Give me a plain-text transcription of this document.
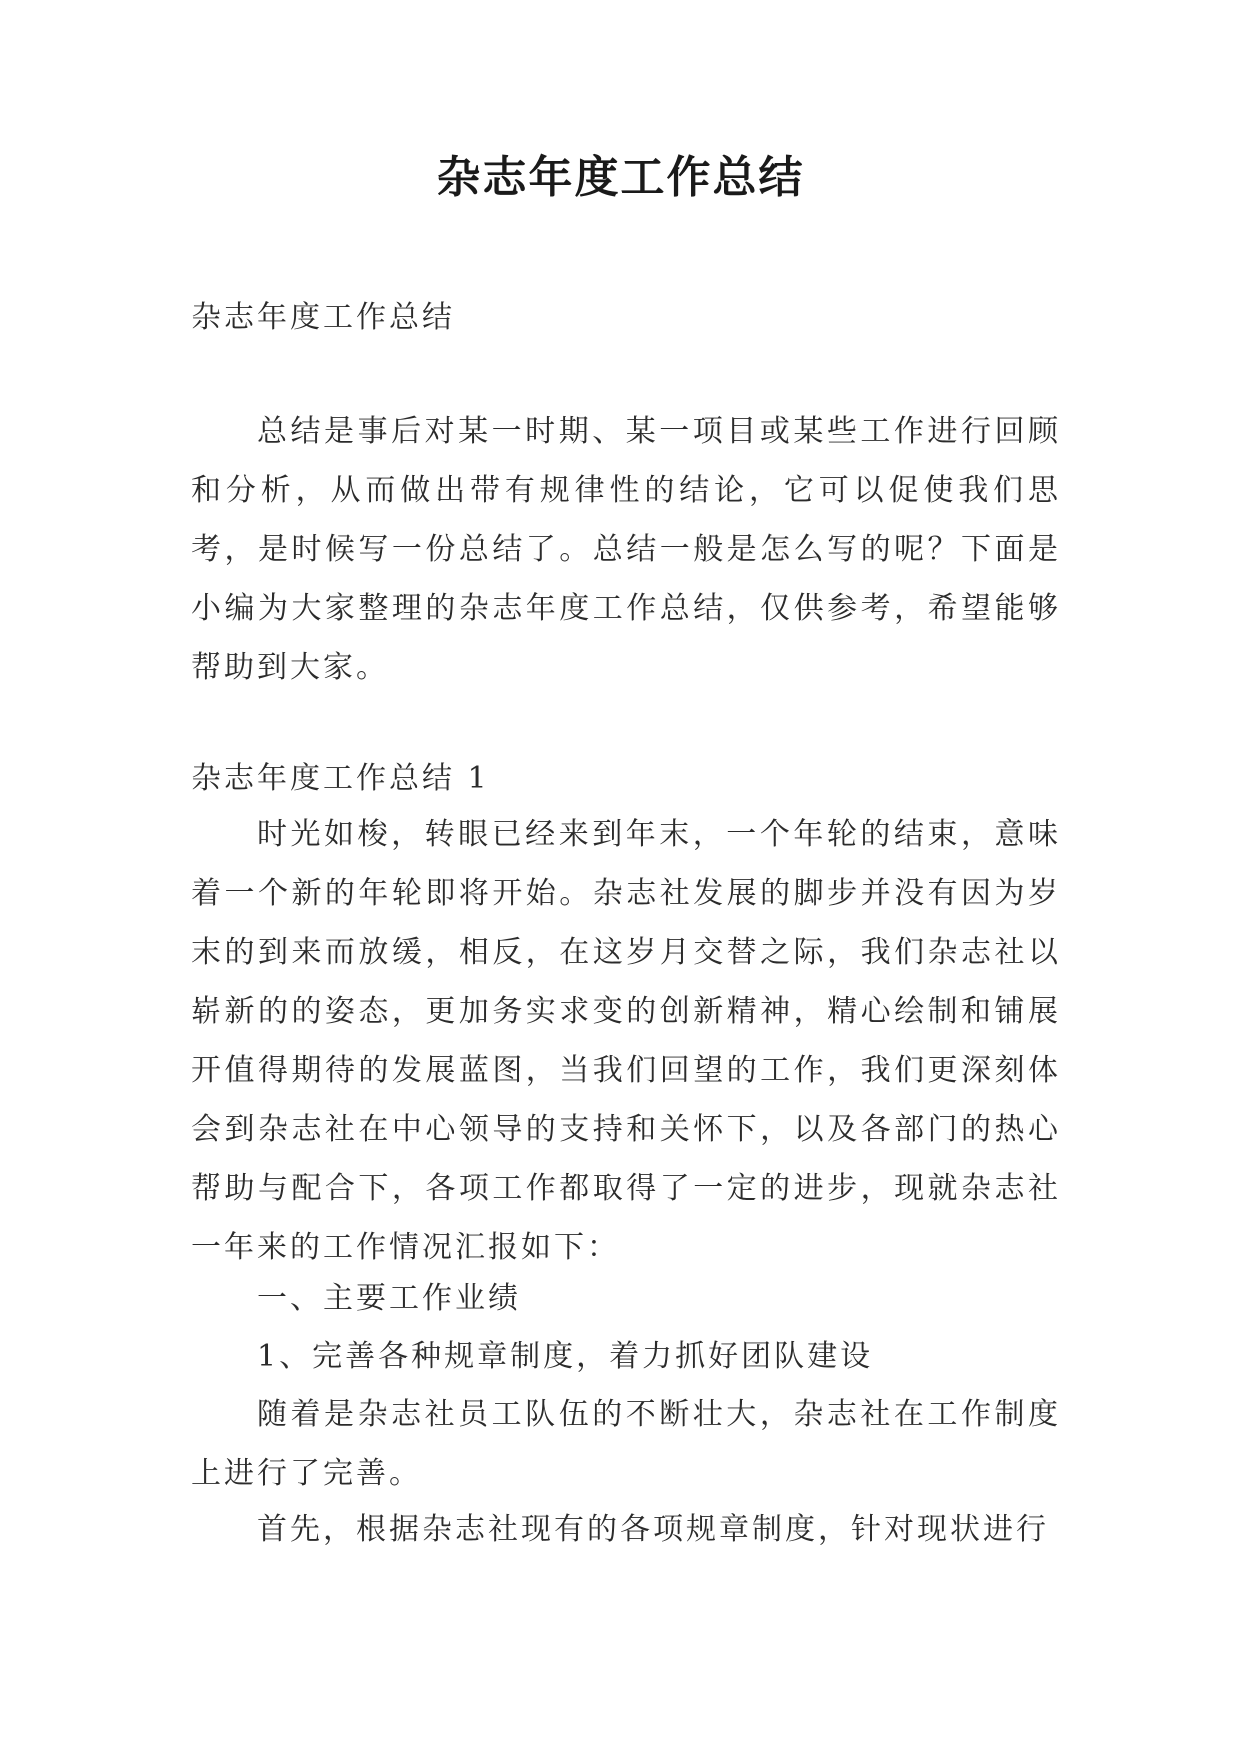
杂志年度工作总结

杂志年度工作总结

总结是事后对某一时期、某一项目或某些工作进行回顾和分析，从而做出带有规律性的结论，它可以促使我们思考，是时候写一份总结了。总结一般是怎么写的呢？下面是小编为大家整理的杂志年度工作总结，仅供参考，希望能够帮助到大家。

杂志年度工作总结 1

时光如梭，转眼已经来到年末，一个年轮的结束，意味着一个新的年轮即将开始。杂志社发展的脚步并没有因为岁末的到来而放缓，相反，在这岁月交替之际，我们杂志社以崭新的的姿态，更加务实求变的创新精神，精心绘制和铺展开值得期待的发展蓝图，当我们回望的工作，我们更深刻体会到杂志社在中心领导的支持和关怀下，以及各部门的热心帮助与配合下，各项工作都取得了一定的进步，现就杂志社一年来的工作情况汇报如下：

一、主要工作业绩

1、完善各种规章制度，着力抓好团队建设

随着是杂志社员工队伍的不断壮大，杂志社在工作制度上进行了完善。

首先，根据杂志社现有的各项规章制度，针对现状进行
